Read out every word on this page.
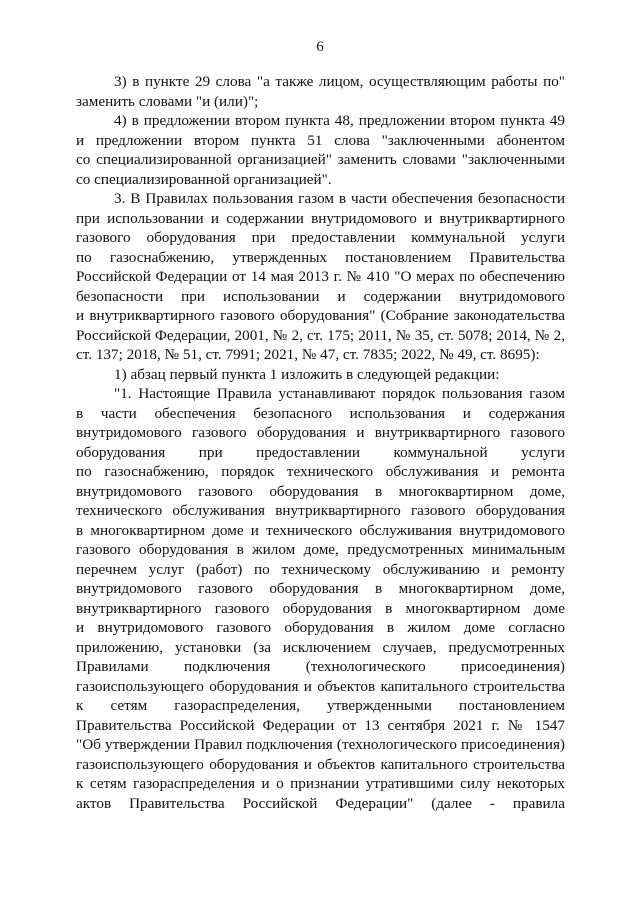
6
3) в пункте 29 слова "а также лицом, осуществляющим работы по"
заменить словами "и (или)";
4) в предложении втором пункта 48, предложении втором пункта 49
и предложении втором пункта 51 слова "заключенными абонентом
со специализированной организацией" заменить словами "заключенными
со специализированной организацией".
3. В Правилах пользования газом в части обеспечения безопасности
при использовании и содержании внутридомового и внутриквартирного
газового оборудования при предоставлении коммунальной услуги
по газоснабжению, утвержденных постановлением Правительства
Российской Федерации от 14 мая 2013 г. № 410 "О мерах по обеспечению
безопасности при использовании и содержании внутридомового
и внутриквартирного газового оборудования" (Собрание законодательства
Российской Федерации, 2001, № 2, ст. 175; 2011, № 35, ст. 5078; 2014, № 2,
ст. 137; 2018, № 51, ст. 7991; 2021, № 47, ст. 7835; 2022, № 49, ст. 8695):
1) абзац первый пункта 1 изложить в следующей редакции:
"1. Настоящие Правила устанавливают порядок пользования газом
в части обеспечения безопасного использования и содержания
внутридомового газового оборудования и внутриквартирного газового
оборудования при предоставлении коммунальной услуги
по газоснабжению, порядок технического обслуживания и ремонта
внутридомового газового оборудования в многоквартирном доме,
технического обслуживания внутриквартирного газового оборудования
в многоквартирном доме и технического обслуживания внутридомового
газового оборудования в жилом доме, предусмотренных минимальным
перечнем услуг (работ) по техническому обслуживанию и ремонту
внутридомового газового оборудования в многоквартирном доме,
внутриквартирного газового оборудования в многоквартирном доме
и внутридомового газового оборудования в жилом доме согласно
приложению, установки (за исключением случаев, предусмотренных
Правилами подключения (технологического присоединения)
газоиспользующего оборудования и объектов капитального строительства
к сетям газораспределения, утвержденными постановлением
Правительства Российской Федерации от 13 сентября 2021 г. № 1547
"Об утверждении Правил подключения (технологического присоединения)
газоиспользующего оборудования и объектов капитального строительства
к сетям газораспределения и о признании утратившими силу некоторых
актов Правительства Российской Федерации" (далее - правила
